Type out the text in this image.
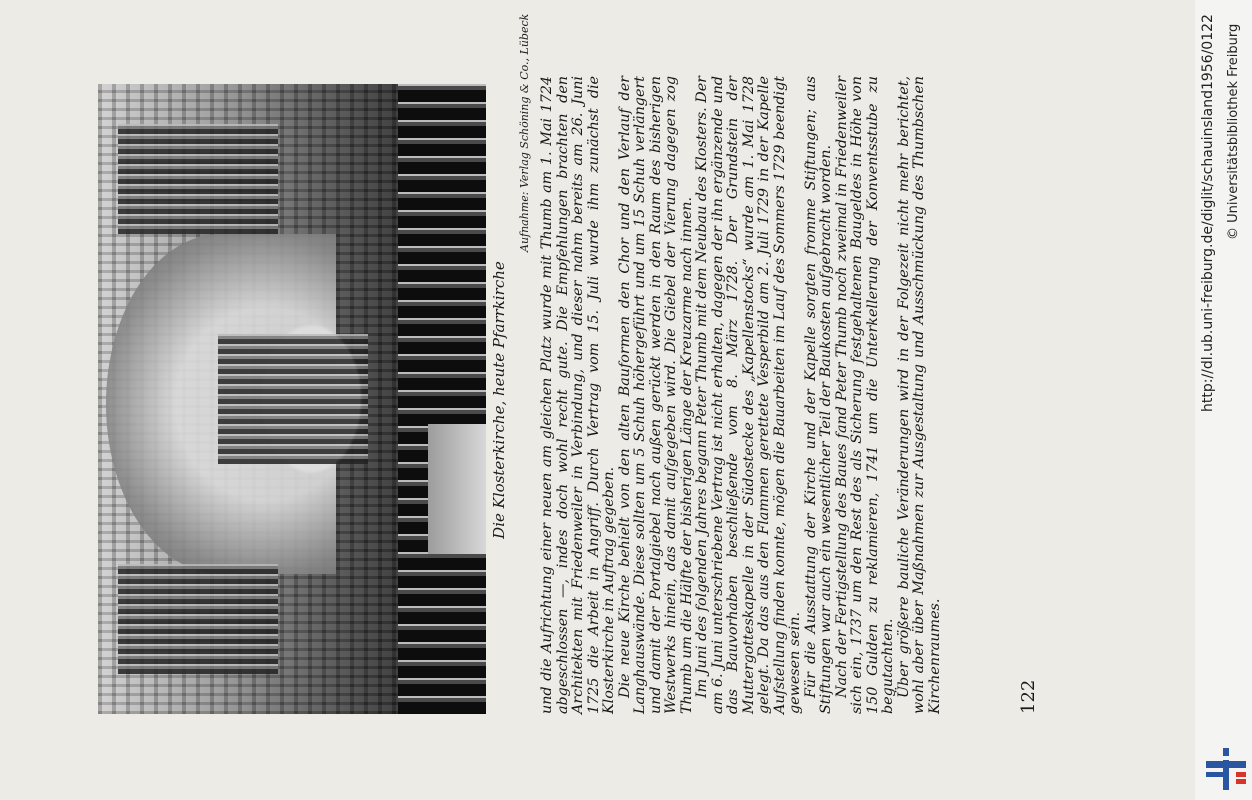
Die Klosterkirche, heute Pfarrkirche
Aufnahme: Verlag Schöning & Co., Lübeck und die Aufrichtung einer neuen am gleichen Platz wurde mit Thumb am 1. Mai 1724 abgeschlossen —, indes doch wohl recht gute. Die Empfehlungen brachten den Architekten mit Friedenweiler in Verbindung, und dieser nahm bereits am 26. Juni 1725 die Arbeit in Angriff. Durch Vertrag vom 15. Juli wurde ihm zunächst die Klosterkirche in Auftrag gegeben. Die neue Kirche behielt von den alten Bauformen den Chor und den Verlauf der Langhauswände. Diese sollten um 5 Schuh höhergeführt und um 15 Schuh verlängert und damit der Portalgiebel nach außen gerückt werden in den Raum des bisherigen Westwerks hinein, das damit aufgegeben wird. Die Giebel der Vierung dagegen zog Thumb um die Hälfte der bisherigen Länge der Kreuzarme nach innen. Im Juni des folgenden Jahres begann Peter Thumb mit dem Neubau des Klosters. Der am 6. Juni unterschriebene Vertrag ist nicht erhalten, dagegen der ihn ergänzende und das Bauvorhaben beschließende vom 8. März 1728. Der Grundstein der Muttergotteskapelle in der Südostecke des „Kapellenstocks“ wurde am 1. Mai 1728 gelegt. Da das aus den Flammen gerettete Vesperbild am 2. Juli 1729 in der Kapelle Aufstellung finden konnte, mögen die Bauarbeiten im Lauf des Sommers 1729 beendigt gewesen sein. Für die Ausstattung der Kirche und der Kapelle sorgten fromme Stiftungen; aus Stiftungen war auch ein wesentlicher Teil der Baukosten aufgebracht worden. Nach der Fertigstellung des Baues fand Peter Thumb noch zweimal in Friedenweiler sich ein, 1737 um den Rest des als Sicherung festgehaltenen Baugeldes in Höhe von 150 Gulden zu reklamieren, 1741 um die Unterkellerung der Konventsstube zu begutachten. Über größere bauliche Veränderungen wird in der Folgezeit nicht mehr berichtet, wohl aber über Maßnahmen zur Ausgestaltung und Ausschmückung des Thumbschen Kirchenraumes.	122
http://dl.ub.uni-freiburg.de/diglit/schauinsland1956/0122 © Universitätsbibliothek Freiburg
